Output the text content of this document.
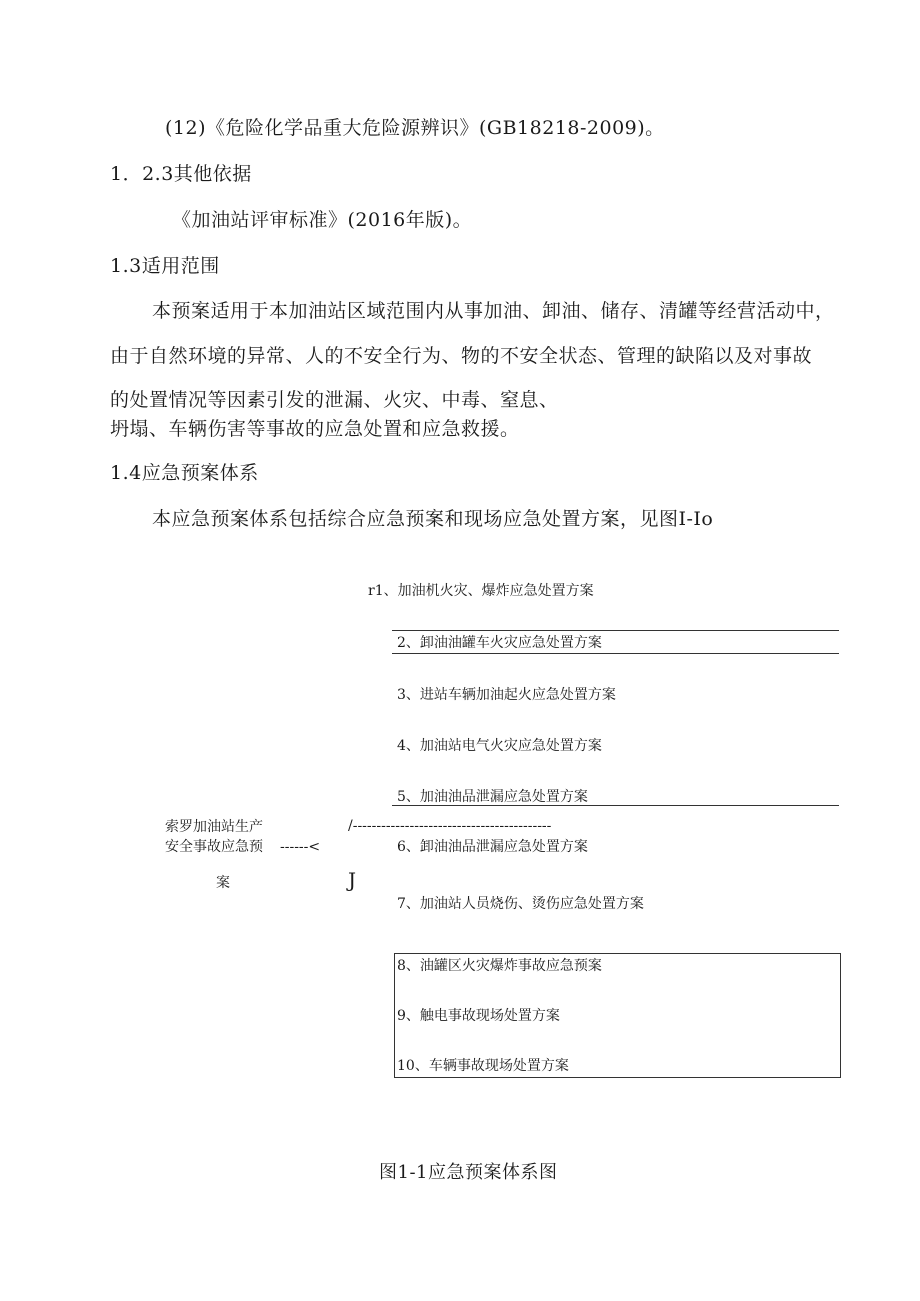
(12)《危险化学品重大危险源辨识》(GB18218-2009)。
1．2.3其他依据
《加油站评审标准》(2016年版)。
1.3适用范围
本预案适用于本加油站区域范围内从事加油、卸油、储存、清罐等经营活动中，
由于自然环境的异常、人的不安全行为、物的不安全状态、管理的缺陷以及对事故
的处置情况等因素引发的泄漏、火灾、中毒、窒息、
坍塌、车辆伤害等事故的应急处置和应急救援。
1.4应急预案体系
本应急预案体系包括综合应急预案和现场应急处置方案，见图I-Io
r1、加油机火灾、爆炸应急处置方案
2、卸油油罐车火灾应急处置方案
3、进站车辆加油起火应急处置方案
4、加油站电气火灾应急处置方案
5、加油油品泄漏应急处置方案
索罗加油站生产	/------------------------------------------
安全事故应急预 ------<	6、卸油油品泄漏应急处置方案
案	J
7、加油站人员烧伤、烫伤应急处置方案
8、油罐区火灾爆炸事故应急预案
9、触电事故现场处置方案
10、车辆事故现场处置方案
图1-1应急预案体系图
